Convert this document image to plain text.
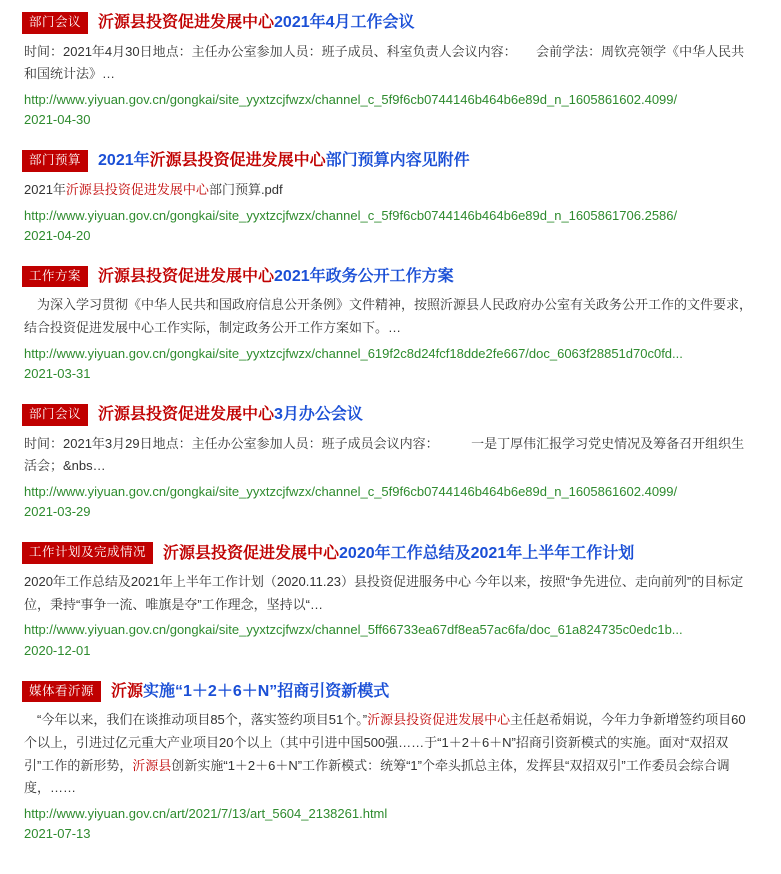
部门会议	沂源县投资促进发展中心2021年4月工作会议
时间：2021年4月30日地点：主任办公室参加人员：班子成员、科室负责人会议内容：　　会前学法：周钦亮领学《中华人民共和国统计法》…
http://www.yiyuan.gov.cn/gongkai/site_yyxtzcjfwzx/channel_c_5f9f6cb0744146b464b6e89d_n_1605861602.4099/
2021-04-30
部门预算	2021年沂源县投资促进发展中心部门预算内容见附件
2021年沂源县投资促进发展中心部门预算.pdf
http://www.yiyuan.gov.cn/gongkai/site_yyxtzcjfwzx/channel_c_5f9f6cb0744146b464b6e89d_n_1605861706.2586/
2021-04-20
工作方案	沂源县投资促进发展中心2021年政务公开工作方案
　为深入学习贯彻《中华人民共和国政府信息公开条例》文件精神，按照沂源县人民政府办公室有关政务公开工作的文件要求，结合投资促进发展中心工作实际，制定政务公开工作方案如下。…
http://www.yiyuan.gov.cn/gongkai/site_yyxtzcjfwzx/channel_619f2c8d24fcf18dde2fe667/doc_6063f28851d70c0fd...
2021-03-31
部门会议	沂源县投资促进发展中心3月办公会议
时间：2021年3月29日地点：主任办公室参加人员：班子成员会议内容：　　　一是丁厚伟汇报学习党史情况及筹备召开组织生活会；&nbs…
http://www.yiyuan.gov.cn/gongkai/site_yyxtzcjfwzx/channel_c_5f9f6cb0744146b464b6e89d_n_1605861602.4099/
2021-03-29
工作计划及完成情况	沂源县投资促进发展中心2020年工作总结及2021年上半年工作计划
2020年工作总结及2021年上半年工作计划（2020.11.23）县投资促进服务中心 今年以来，按照“争先进位、走向前列”的目标定位，秉持“事争一流、唯旗是夺”工作理念，坚持以“…
http://www.yiyuan.gov.cn/gongkai/site_yyxtzcjfwzx/channel_5ff66733ea67df8ea57ac6fa/doc_61a824735c0edc1b...
2020-12-01
媒体看沂源	沂源实施“1＋2＋6＋N”招商引资新模式
　“今年以来，我们在谈推动项目85个，落实签约项目51个。”沂源县投资促进发展中心主任赵希娟说，今年力争新增签约项目60个以上，引进过亿元重大产业项目20个以上（其中引进中国500强……于“1＋2＋6＋N”招商引资新模式的实施。面对“双招双引”工作的新形势，沂源县创新实施“1＋2＋6＋N”工作新模式：统筹“1”个牵头抓总主体，发挥县“双招双引”工作委员会综合调度，……
http://www.yiyuan.gov.cn/art/2021/7/13/art_5604_2138261.html
2021-07-13
